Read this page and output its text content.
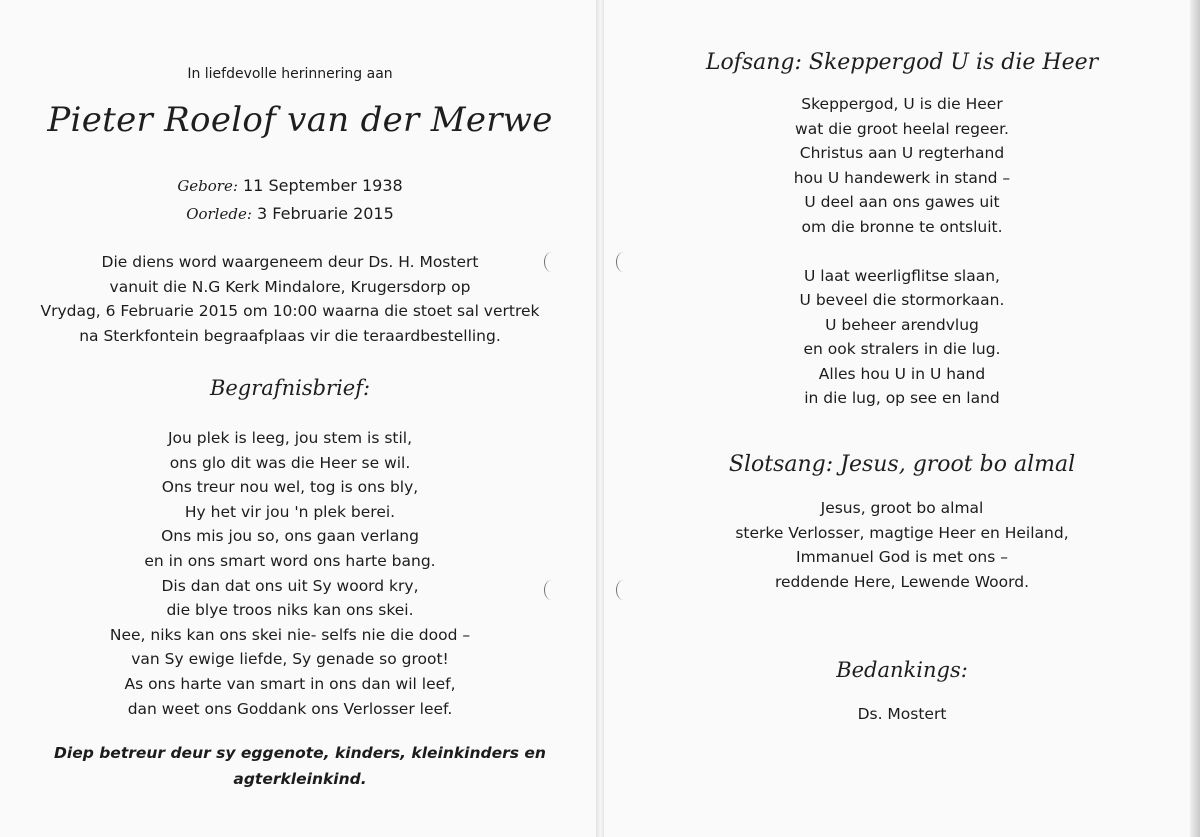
In liefdevolle herinnering aan
Pieter Roelof van der Merwe
Gebore: 11 September 1938
Oorlede: 3 Februarie 2015
Die diens word waargeneem deur Ds. H. Mostert
vanuit die N.G Kerk Mindalore, Krugersdorp op
Vrydag, 6 Februarie 2015 om 10:00 waarna die stoet sal vertrek
na Sterkfontein begraafplaas vir die teraardbestelling.
Begrafnisbrief:
Jou plek is leeg, jou stem is stil,
ons glo dit was die Heer se wil.
Ons treur nou wel, tog is ons bly,
Hy het vir jou 'n plek berei.
Ons mis jou so, ons gaan verlang
en in ons smart word ons harte bang.
Dis dan dat ons uit Sy woord kry,
die blye troos niks kan ons skei.
Nee, niks kan ons skei nie- selfs nie die dood –
van Sy ewige liefde, Sy genade so groot!
As ons harte van smart in ons dan wil leef,
dan weet ons Goddank ons Verlosser leef.
Diep betreur deur sy eggenote, kinders, kleinkinders en
agterkleinkind.
Lofsang: Skeppergod U is die Heer
Skeppergod, U is die Heer
wat die groot heelal regeer.
Christus aan U regterhand
hou U handewerk in stand –
U deel aan ons gawes uit
om die bronne te ontsluit.
U laat weerligflitse slaan,
U beveel die stormorkaan.
U beheer arendvlug
en ook stralers in die lug.
Alles hou U in U hand
in die lug, op see en land
Slotsang: Jesus, groot bo almal
Jesus, groot bo almal
sterke Verlosser, magtige Heer en Heiland,
Immanuel God is met ons –
reddende Here, Lewende Woord.
Bedankings:
Ds. Mostert
